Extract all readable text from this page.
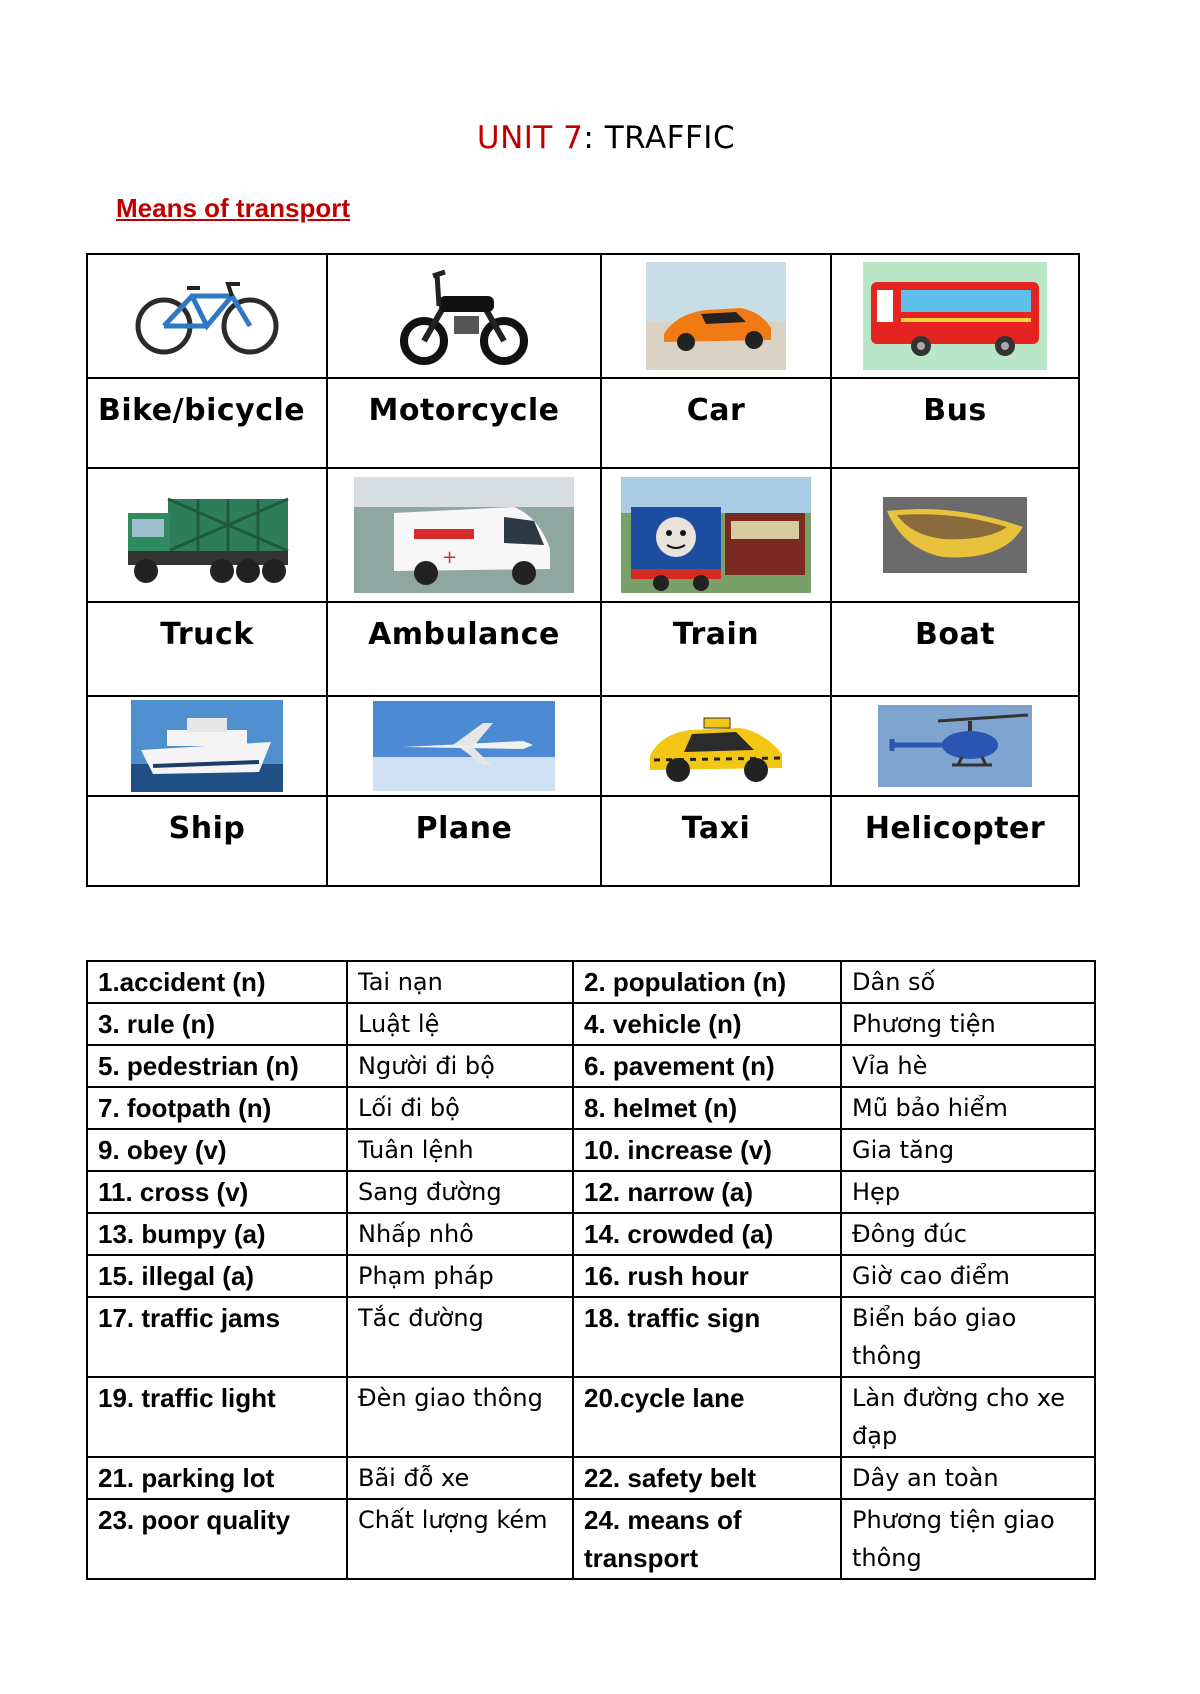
UNIT 7: TRAFFIC
Means of transport

Bike/bicycle	Motorcycle	Car	Bus

+

Truck	Ambulance	Train	Boat

Ship	Plane	Taxi	Helicopter
1.accident (n)	Tai nạn	2. population (n)	Dân số
3. rule (n)	Luật lệ	4. vehicle (n)	Phương tiện
5. pedestrian (n)	Người đi bộ	6. pavement (n)	Vỉa hè
7. footpath (n)	Lối đi bộ	8. helmet (n)	Mũ bảo hiểm
9. obey (v)	Tuân lệnh	10. increase (v)	Gia tăng
11. cross (v)	Sang đường	12. narrow (a)	Hẹp
13. bumpy (a)	Nhấp nhô	14. crowded (a)	Đông đúc
15. illegal (a)	Phạm pháp	16. rush hour	Giờ cao điểm
17. traffic jams	Tắc đường	18. traffic sign	Biển báo giao thông
19. traffic light	Đèn giao thông	20.cycle lane	Làn đường cho xe đạp
21. parking lot	Bãi đỗ xe	22. safety belt	Dây an toàn
23. poor quality	Chất lượng kém	24. means of transport	Phương tiện giao thông
